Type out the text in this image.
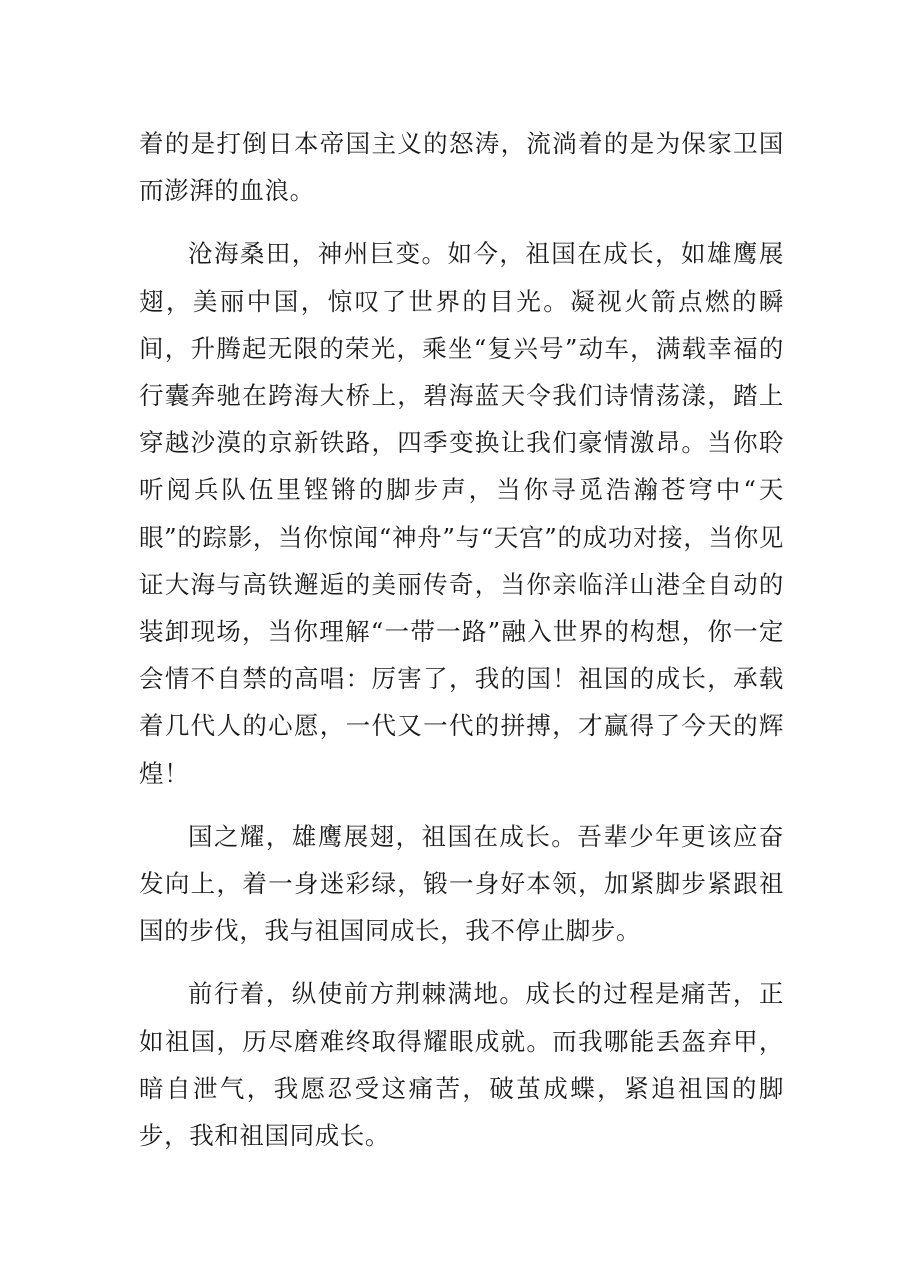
着的是打倒日本帝国主义的怒涛，流淌着的是为保家卫国而澎湃的血浪。

沧海桑田，神州巨变。如今，祖国在成长，如雄鹰展翅，美丽中国，惊叹了世界的目光。凝视火箭点燃的瞬间，升腾起无限的荣光，乘坐“复兴号”动车，满载幸福的行囊奔驰在跨海大桥上，碧海蓝天令我们诗情荡漾，踏上穿越沙漠的京新铁路，四季变换让我们豪情激昂。当你聆听阅兵队伍里铿锵的脚步声，当你寻觅浩瀚苍穹中“天眼”的踪影，当你惊闻“神舟”与“天宫”的成功对接，当你见证大海与高铁邂逅的美丽传奇，当你亲临洋山港全自动的装卸现场，当你理解“一带一路”融入世界的构想，你一定会情不自禁的高唱：厉害了，我的国！祖国的成长，承载着几代人的心愿，一代又一代的拼搏，才赢得了今天的辉煌！

国之耀，雄鹰展翅，祖国在成长。吾辈少年更该应奋发向上，着一身迷彩绿，锻一身好本领，加紧脚步紧跟祖国的步伐，我与祖国同成长，我不停止脚步。

前行着，纵使前方荆棘满地。成长的过程是痛苦，正如祖国，历尽磨难终取得耀眼成就。而我哪能丢盔弃甲，暗自泄气，我愿忍受这痛苦，破茧成蝶，紧追祖国的脚步，我和祖国同成长。
